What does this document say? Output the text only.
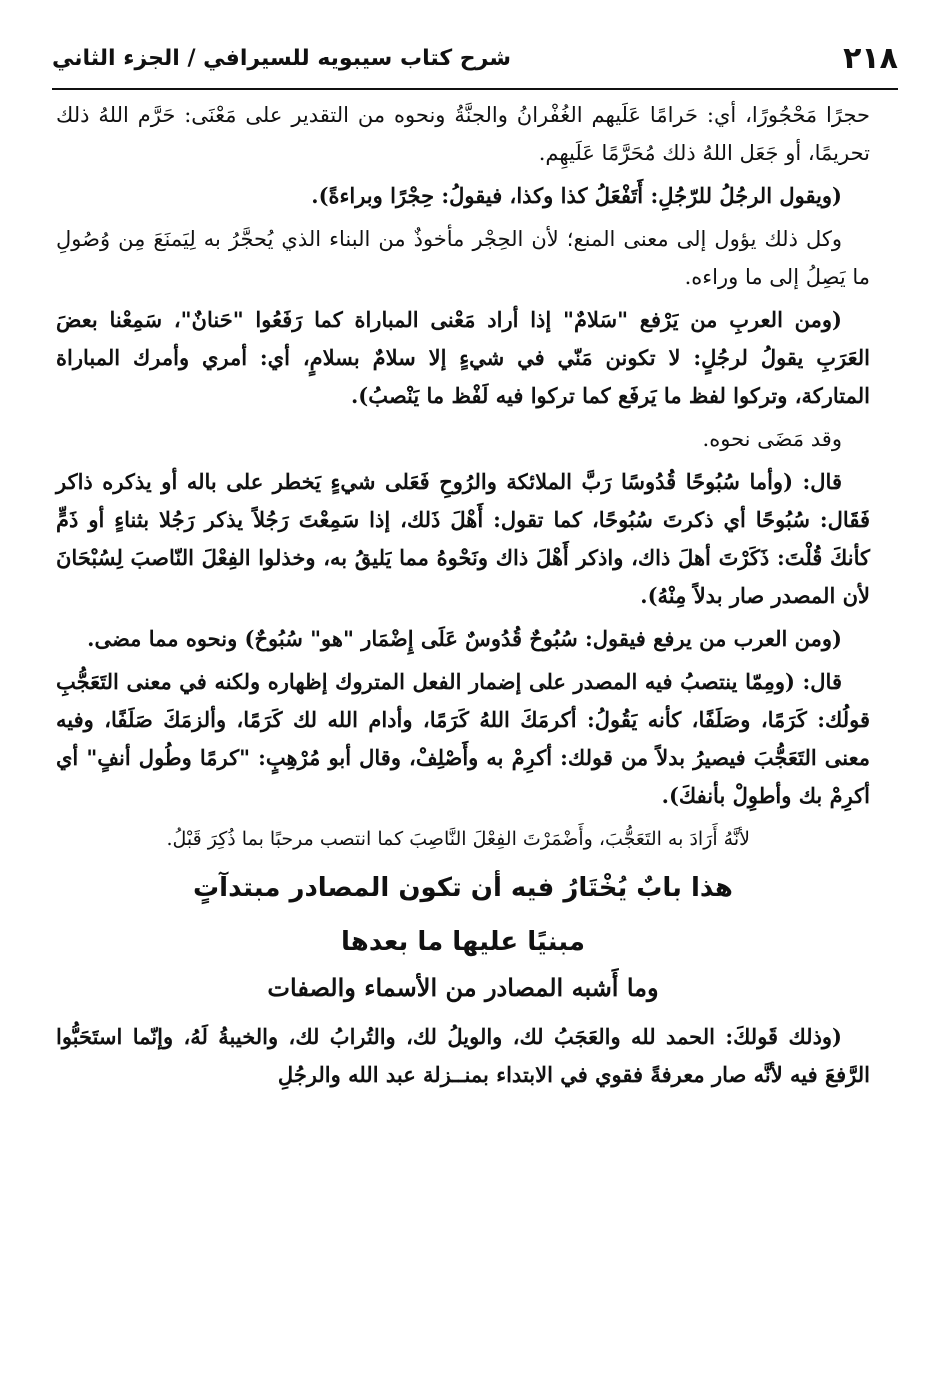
٢١٨
شرح كتاب سيبويه للسيرافي / الجزء الثاني

حجرًا مَحْجُورًا، أي: حَرامًا عَلَيهم الغُفْرانُ والجنَّةُ ونحوه من التقدير على مَعْنَى: حَرَّم اللهُ ذلك تحريمًا، أو جَعَل اللهُ ذلك مُحَرَّمًا عَلَيهِم.

(ويقول الرجُلُ للرّجُلِ: أَتَفْعَلُ كذا وكذا، فيقولُ: حِجْرًا وبراءةً).

وكل ذلك يؤول إلى معنى المنع؛ لأن الحِجْر مأخوذٌ من البناء الذي يُحجَّرُ به لِيَمنَعَ مِن وُصُولِ ما يَصِلُ إلى ما وراءه.

(ومن العربِ من يَرْفع "سَلامٌ" إذا أراد مَعْنى المباراة كما رَفَعُوا "حَنانٌ"، سَمِعْنا بعضَ العَرَبِ يقولُ لرجُلٍ: لا تكونن مَنّي في شيءٍ إلا سلامٌ بسلامٍ، أي: أمري وأمرك المباراة المتاركة، وتركوا لفظ ما يَرفَع كما تركوا فيه لَفْظ ما يَنْصبُ).

وقد مَضَى نحوه.

قال: (وأما سُبُوحًا قُدُوسًا رَبَّ الملائكة والرُوحِ فَعَلى شيءٍ يَخطر على باله أو يذكره ذاكر فَقَال: سُبُوحًا أي ذكرتَ سُبُوحًا، كما تقول: أَهْلَ ذَلك، إذا سَمِعْتَ رَجُلاً يذكر رَجُلا بثناءٍ أو ذَمٍّ كأنكَ قُلْتَ: ذَكَرْتَ أهلَ ذاك، واذكر أَهْلَ ذاك ونَحْوهُ مما يَليقُ به، وخذلوا الفِعْلَ النّاصبَ لِسُبْحَانَ لأن المصدر صار بدلاً مِنْهُ).

(ومن العرب من يرفع فيقول: سُبُوحٌ قُدُوسٌ عَلَى إِضْمَار "هو" سُبُوحٌ) ونحوه مما مضى.

قال: (ومِمّا ينتصبُ فيه المصدر على إضمار الفعل المتروك إظهاره ولكنه في معنى التَعَجُّبِ قولُك: كَرَمًا، وصَلَفًا، كأنه يَقُولُ: أكرمَكَ اللهُ كَرَمًا، وأدام الله لك كَرَمًا، وألزمَكَ صَلَفًا، وفيه معنى التَعَجُّبَ فيصيرُ بدلاً من قولك: أكرِمْ به وأَصْلِفْ، وقال أبو مُرْهِبٍ: "كرمًا وطُول أنفٍ" أي أكرِمْ بك وأطوِلْ بأنفكَ).

لأنَّهُ أَرَادَ به التَعَجُّبَ، وأَضْمَرْتَ الفِعْلَ النَّاصِبَ كما انتصب مرحبًا بما ذُكِرَ قَبْلُ.

هذا بابٌ يُخْتَارُ فيه أن تكون المصادر مبتدآتٍ
مبنيًا عليها ما بعدها
وما أَشبه المصادر من الأسماء والصفات

(وذلك قَولكَ: الحمد لله والعَجَبُ لك، والويلُ لك، والتُرابُ لك، والخيبةُ لَهُ، وإنّما استَحَبُّوا الرَّفعَ فيه لأنَّه صار معرفةً فقوي في الابتداء بمنــزلة عبد الله والرجُلِ
